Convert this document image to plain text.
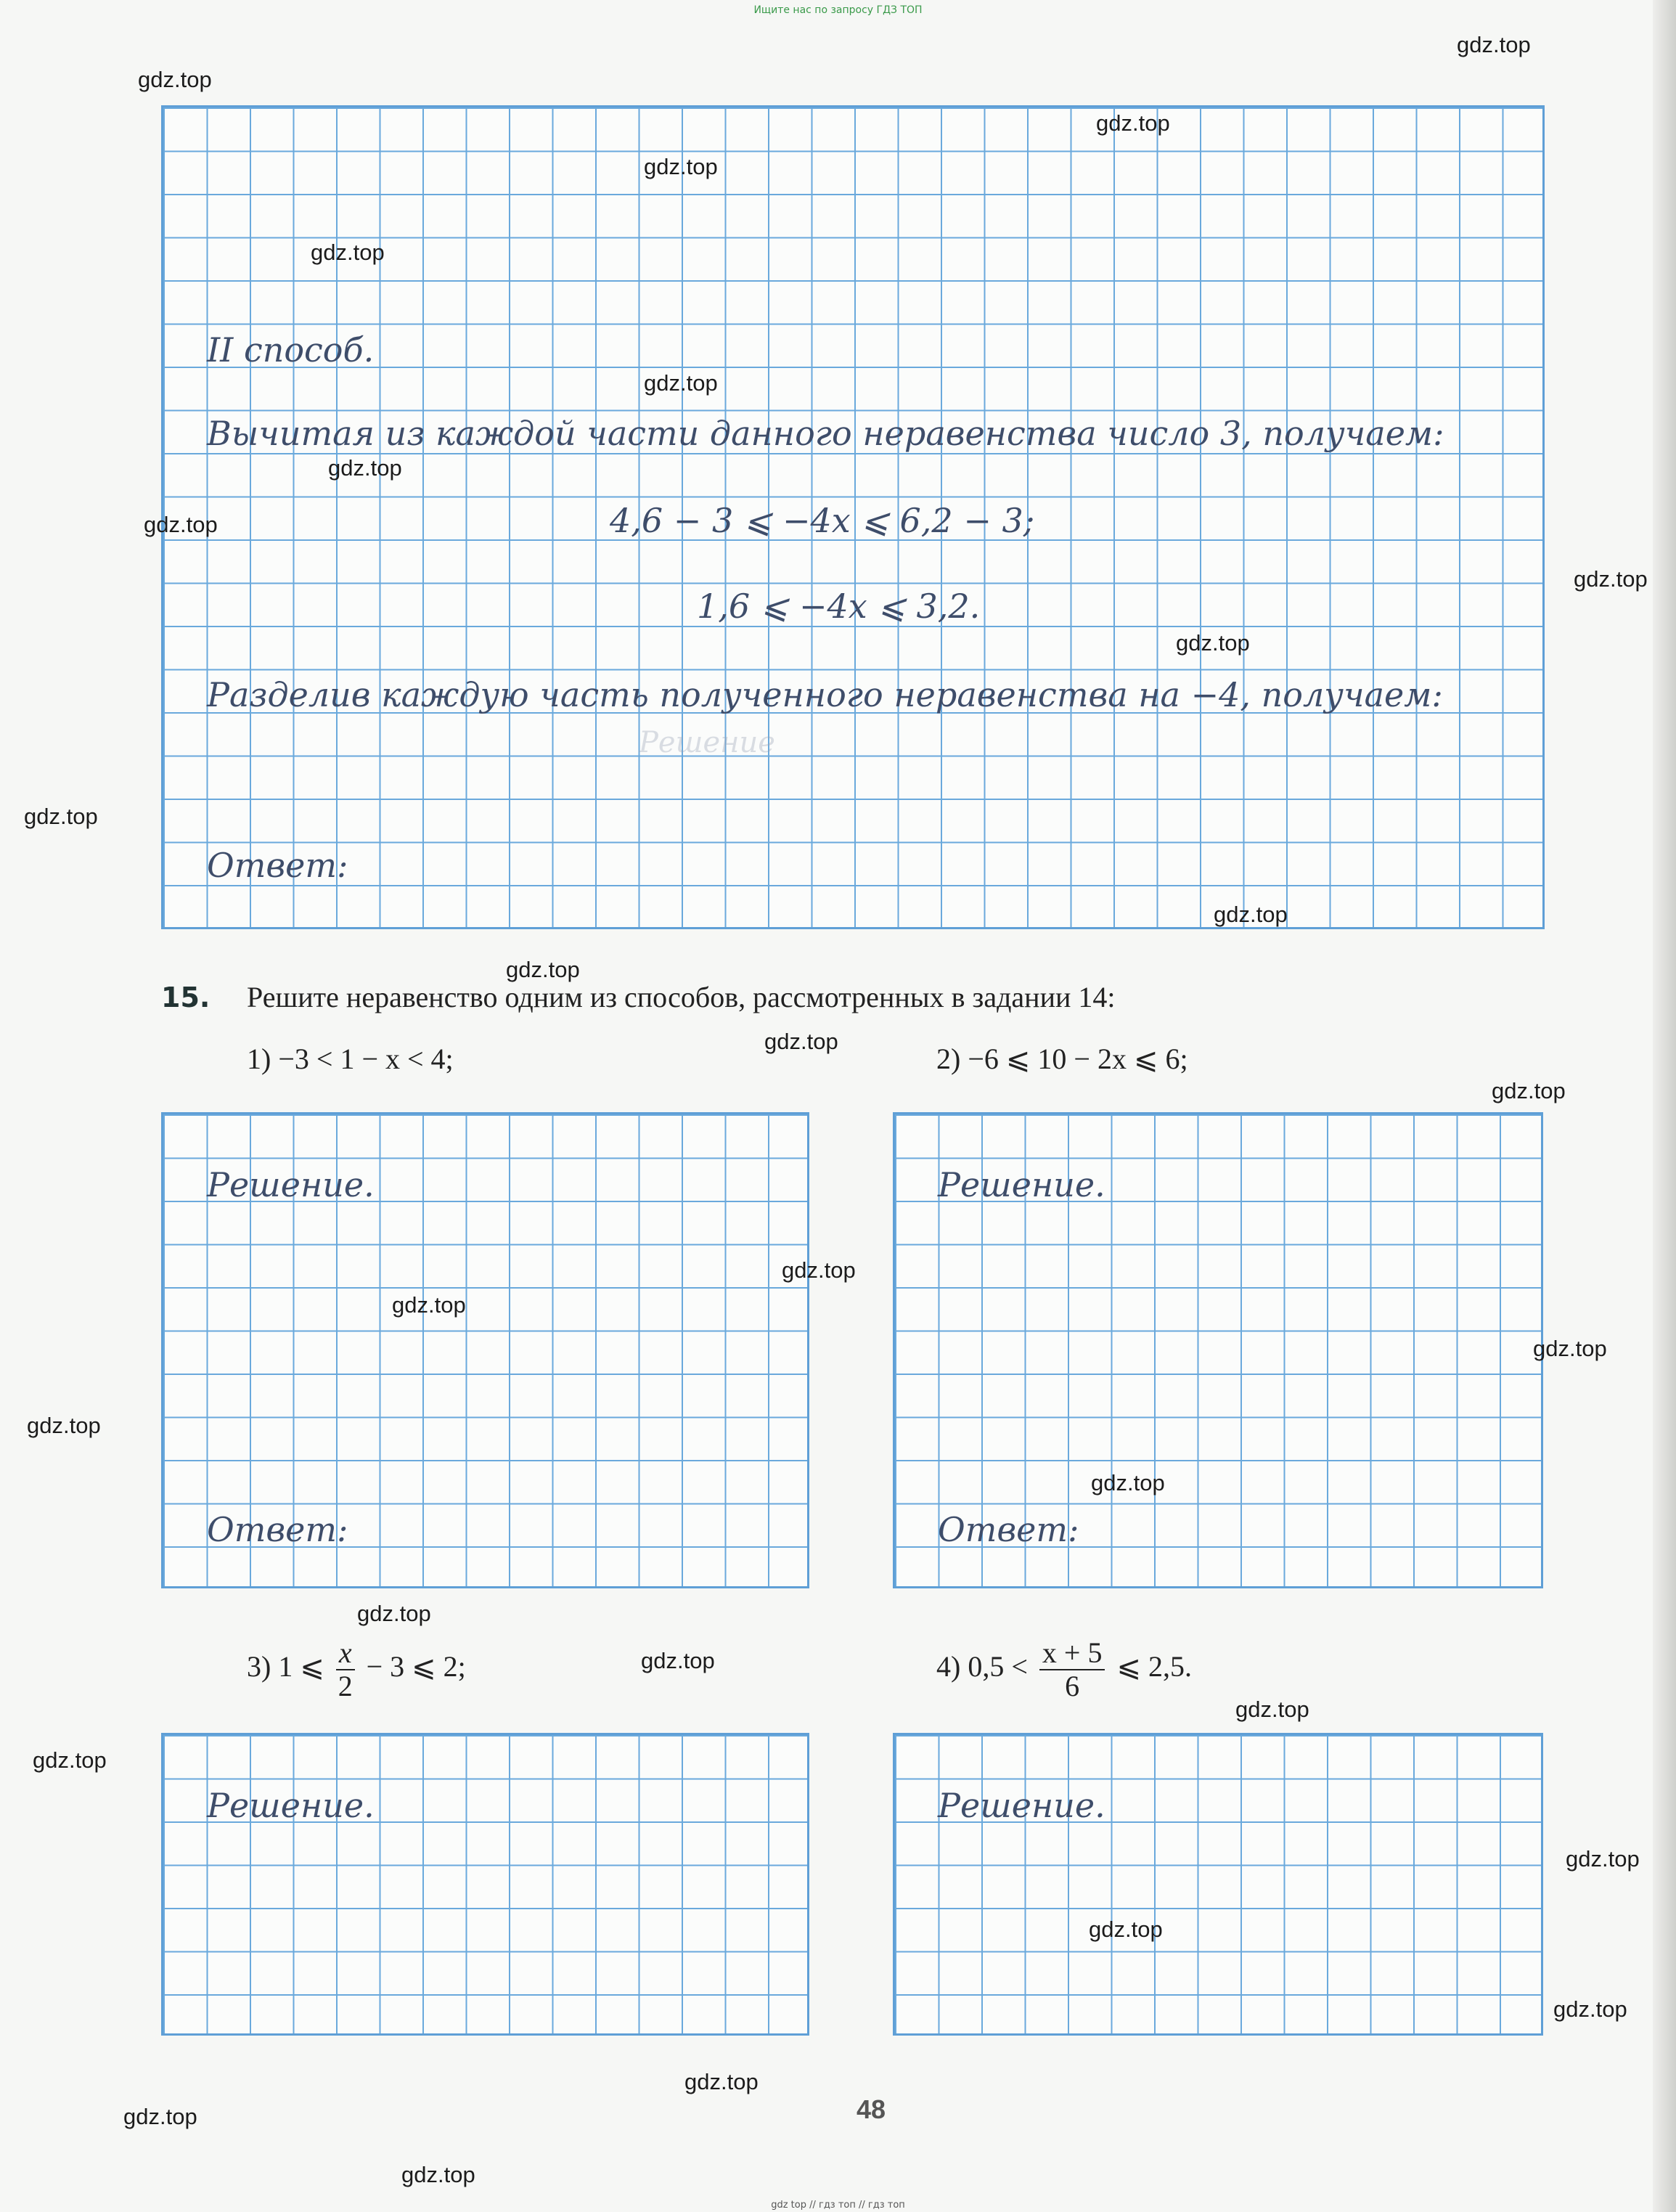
Ищите нас по запросу ГДЗ ТОП
Решение
II способ.
Вычитая из каждой части данного неравенства число 3, получаем:
4,6 − 3 ⩽ −4x ⩽ 6,2 − 3;
1,6 ⩽ −4x ⩽ 3,2.
Разделив каждую часть полученного неравенства на −4, получаем:
Ответ:
15. Решите неравенство одним из способов, рассмотренных в задании 14:
1) −3 < 1 − x < 4;	2) −6 ⩽ 10 − 2x ⩽ 6;
Решение.
Ответ:
Решение.
Ответ:
3) 1 ⩽ $\frac{x}{2} - 3$ ⩽ 2;	4) $0,5 < \frac{x + 5}{6}$ ⩽ 2,5.
Решение.	Решение.
48
gdz.top
gdz.top
gdz.top
gdz.top
gdz.top
gdz.top
gdz.top
gdz.top
gdz.top
gdz.top
gdz.top
gdz.top
gdz.top
gdz.top
gdz.top
gdz.top
gdz.top
gdz.top
gdz.top
gdz.top
gdz.top
gdz.top
gdz.top
gdz.top
gdz.top
gdz.top
gdz.top
gdz.top
gdz.top
gdz.top
gdz top // гдз топ // гдз топ
